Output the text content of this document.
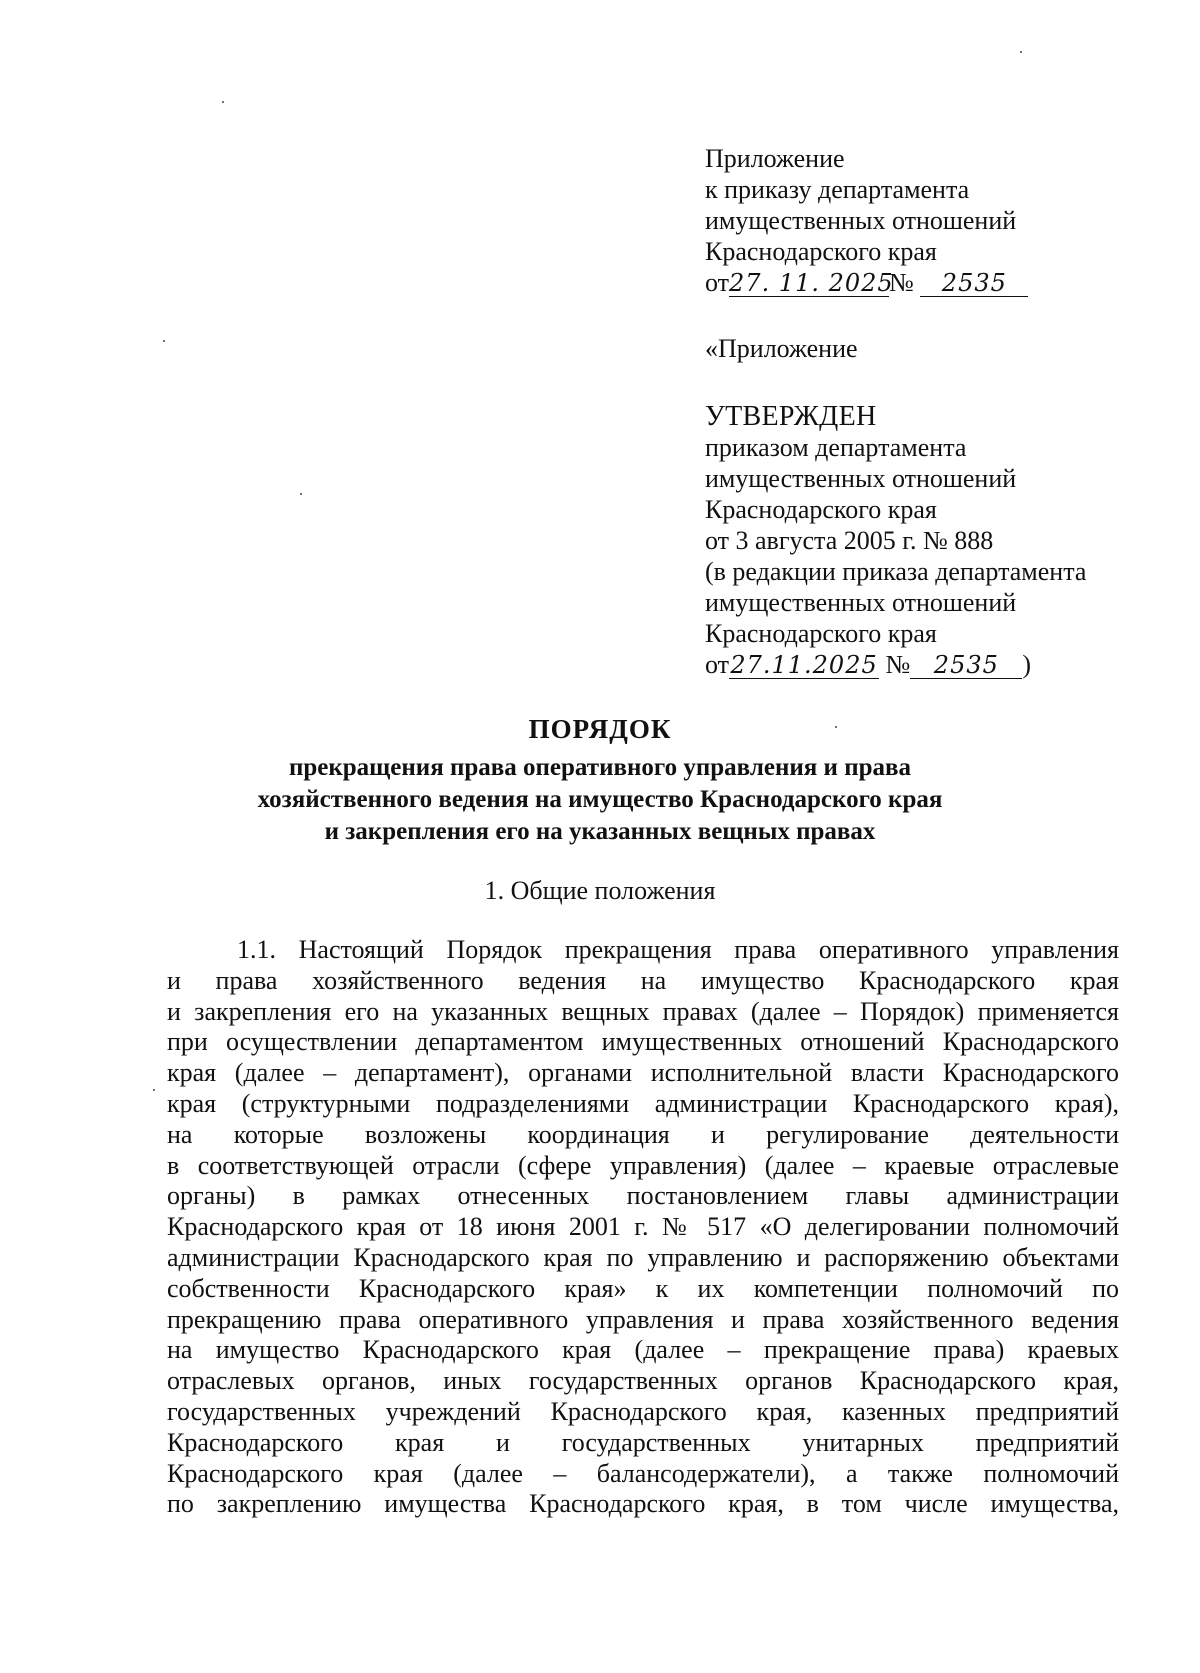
Приложение
к приказу департамента
имущественных отношений
Краснодарского края
от27. 11. 2025№ 2535
«Приложение
УТВЕРЖДЕН
приказом департамента
имущественных отношений
Краснодарского края
от 3 августа 2005 г. № 888
(в редакции приказа департамента
имущественных отношений
Краснодарского края
от27.11.2025 № 2535 )
ПОРЯДОК
прекращения права оперативного управления и права
хозяйственного ведения на имущество Краснодарского края
и закрепления его на указанных вещных правах
1. Общие положения
1.1. Настоящий Порядок прекращения права оперативного управления
и права хозяйственного ведения на имущество Краснодарского края
и закрепления его на указанных вещных правах (далее – Порядок) применяется
при осуществлении департаментом имущественных отношений Краснодарского
края (далее – департамент), органами исполнительной власти Краснодарского
края (структурными подразделениями администрации Краснодарского края),
на которые возложены координация и регулирование деятельности
в соответствующей отрасли (сфере управления) (далее – краевые отраслевые
органы) в рамках отнесенных постановлением главы администрации
Краснодарского края от 18 июня 2001 г. № 517 «О делегировании полномочий
администрации Краснодарского края по управлению и распоряжению объектами
собственности Краснодарского края» к их компетенции полномочий по
прекращению права оперативного управления и права хозяйственного ведения
на имущество Краснодарского края (далее – прекращение права) краевых
отраслевых органов, иных государственных органов Краснодарского края,
государственных учреждений Краснодарского края, казенных предприятий
Краснодарского края и государственных унитарных предприятий
Краснодарского края (далее – балансодержатели), а также полномочий
по закреплению имущества Краснодарского края, в том числе имущества,
